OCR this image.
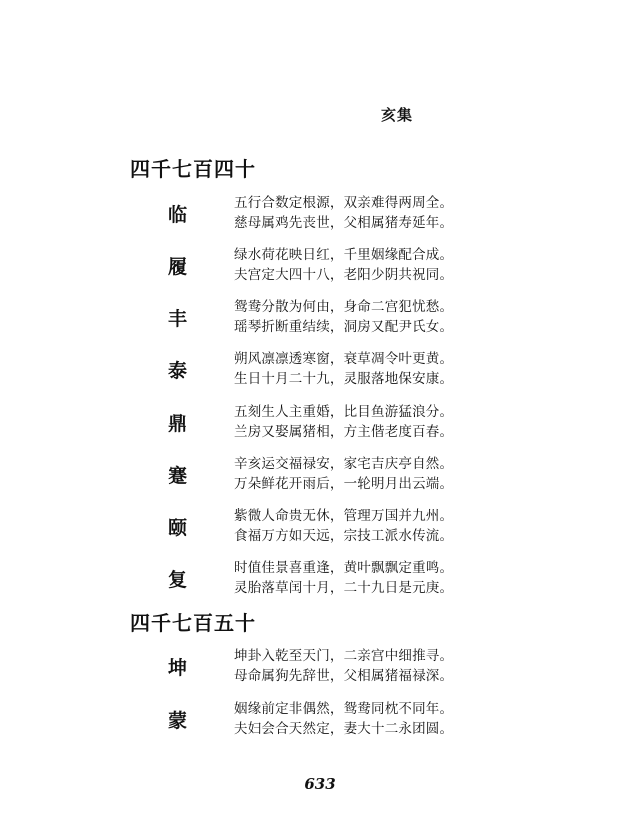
亥集
四千七百四十
临
五行合数定根源，双亲难得两周全。
慈母属鸡先丧世，父相属猪寿延年。
履
绿水荷花映日红，千里姻缘配合成。
夫宫定大四十八，老阳少阴共祝同。
丰
鸳鸯分散为何由，身命二宫犯忧愁。
瑶琴折断重结续，洞房又配尹氏女。
泰
朔风凛凛透寒窗，衰草凋令叶更黄。
生日十月二十九，灵服落地保安康。
鼎
五刻生人主重婚，比目鱼游猛浪分。
兰房又娶属猪相，方主偕老度百春。
蹇
辛亥运交福禄安，家宅吉庆亭自然。
万朵鲜花开雨后，一轮明月出云端。
颐
紫微人命贵无休，管理万国并九州。
食福万方如天远，宗技工派水传流。
复
时值佳景喜重逢，黄叶飘飘定重鸣。
灵胎落草闰十月，二十九日是元庚。
四千七百五十
坤
坤卦入乾至天门，二亲宫中细推寻。
母命属狗先辞世，父相属猪福禄深。
蒙
姻缘前定非偶然，鸳鸯同枕不同年。
夫妇会合天然定，妻大十二永团圆。
633
